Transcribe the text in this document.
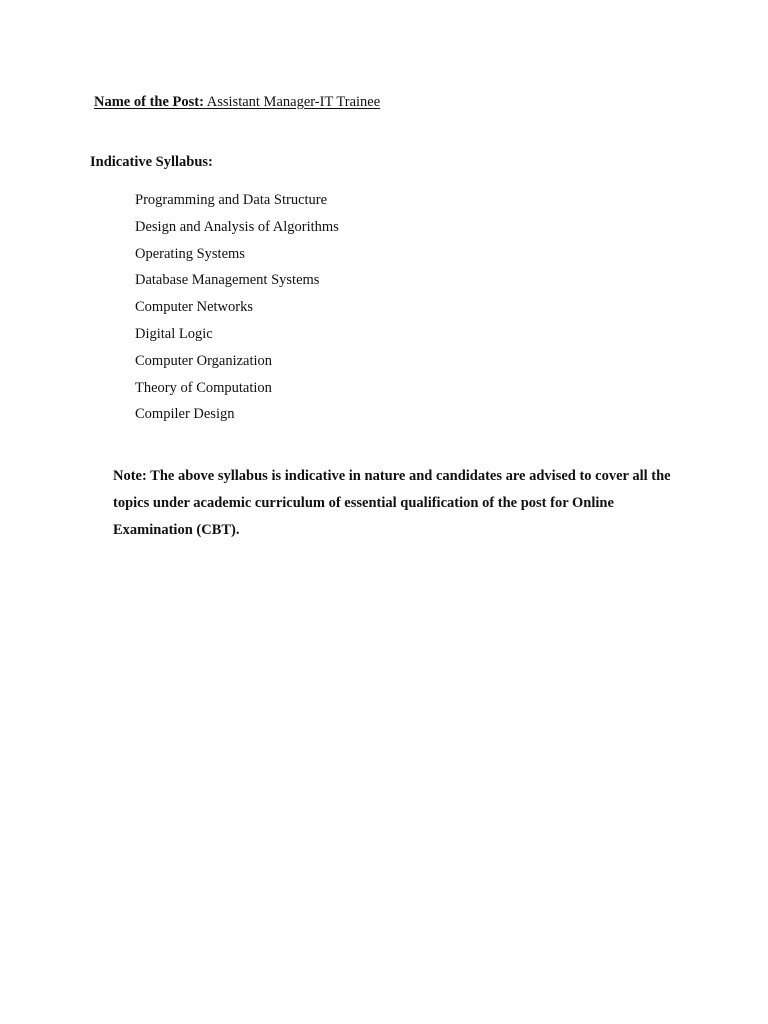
Name of the Post: Assistant Manager-IT Trainee
Indicative Syllabus:
Programming and Data Structure
Design and Analysis of Algorithms
Operating Systems
Database Management Systems
Computer Networks
Digital Logic
Computer Organization
Theory of Computation
Compiler Design
Note: The above syllabus is indicative in nature and candidates are advised to cover all the topics under academic curriculum of essential qualification of the post for Online Examination (CBT).
